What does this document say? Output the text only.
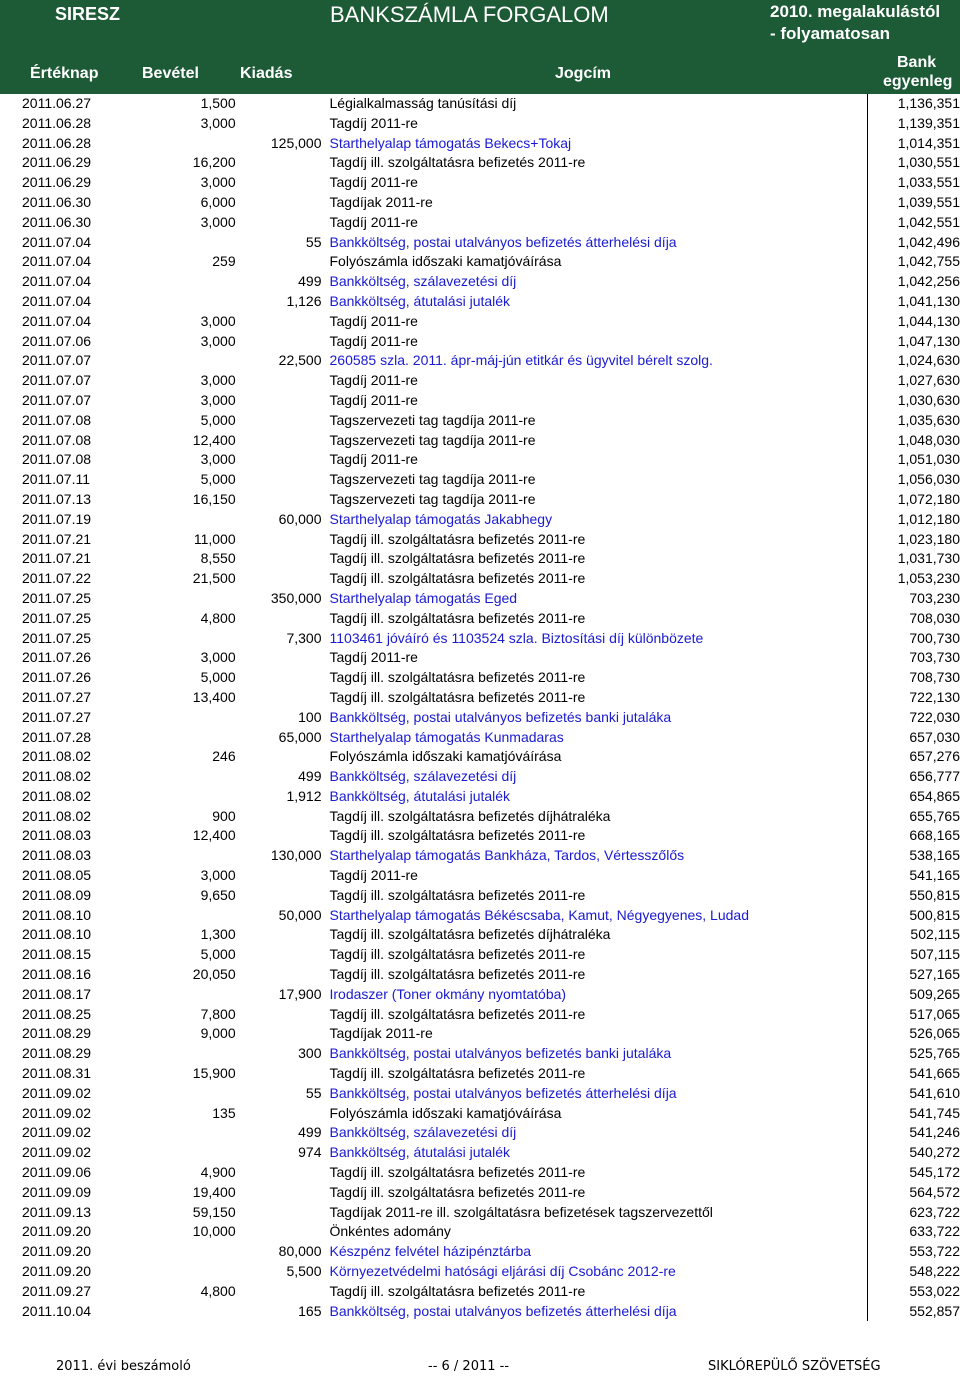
SIRESZ	BANKSZÁMLA FORGALOM	2010. megalakulástól
- folyamatosan
Értéknap	Bevétel	Kiadás	Jogcím
Bank
egyenleg
2011.06.27	1,500		Légialkalmasság tanúsítási díj	1,136,351
2011.06.28	3,000		Tagdíj 2011-re	1,139,351
2011.06.28		125,000	Starthelyalap támogatás Bekecs+Tokaj	1,014,351
2011.06.29	16,200		Tagdíj ill. szolgáltatásra befizetés 2011-re	1,030,551
2011.06.29	3,000		Tagdíj 2011-re	1,033,551
2011.06.30	6,000		Tagdíjak 2011-re	1,039,551
2011.06.30	3,000		Tagdíj 2011-re	1,042,551
2011.07.04		55	Bankköltség, postai utalványos befizetés átterhelési díja	1,042,496
2011.07.04	259		Folyószámla időszaki kamatjóváírása	1,042,755
2011.07.04		499	Bankköltség, szálavezetési díj	1,042,256
2011.07.04		1,126	Bankköltség, átutalási jutalék	1,041,130
2011.07.04	3,000		Tagdíj 2011-re	1,044,130
2011.07.06	3,000		Tagdíj 2011-re	1,047,130
2011.07.07		22,500	260585 szla. 2011. ápr-máj-jún etitkár és ügyvitel bérelt szolg.	1,024,630
2011.07.07	3,000		Tagdíj 2011-re	1,027,630
2011.07.07	3,000		Tagdíj 2011-re	1,030,630
2011.07.08	5,000		Tagszervezeti tag tagdíja 2011-re	1,035,630
2011.07.08	12,400		Tagszervezeti tag tagdíja 2011-re	1,048,030
2011.07.08	3,000		Tagdíj 2011-re	1,051,030
2011.07.11	5,000		Tagszervezeti tag tagdíja 2011-re	1,056,030
2011.07.13	16,150		Tagszervezeti tag tagdíja 2011-re	1,072,180
2011.07.19		60,000	Starthelyalap támogatás Jakabhegy	1,012,180
2011.07.21	11,000		Tagdíj ill. szolgáltatásra befizetés 2011-re	1,023,180
2011.07.21	8,550		Tagdíj ill. szolgáltatásra befizetés 2011-re	1,031,730
2011.07.22	21,500		Tagdíj ill. szolgáltatásra befizetés 2011-re	1,053,230
2011.07.25		350,000	Starthelyalap támogatás Eged	703,230
2011.07.25	4,800		Tagdíj ill. szolgáltatásra befizetés 2011-re	708,030
2011.07.25		7,300	1103461 jóváíró és 1103524 szla. Biztosítási díj különbözete	700,730
2011.07.26	3,000		Tagdíj 2011-re	703,730
2011.07.26	5,000		Tagdíj ill. szolgáltatásra befizetés 2011-re	708,730
2011.07.27	13,400		Tagdíj ill. szolgáltatásra befizetés 2011-re	722,130
2011.07.27		100	Bankköltség, postai utalványos befizetés banki jutaláka	722,030
2011.07.28		65,000	Starthelyalap támogatás Kunmadaras	657,030
2011.08.02	246		Folyószámla időszaki kamatjóváírása	657,276
2011.08.02		499	Bankköltség, szálavezetési díj	656,777
2011.08.02		1,912	Bankköltség, átutalási jutalék	654,865
2011.08.02	900		Tagdíj ill. szolgáltatásra befizetés díjhátraléka	655,765
2011.08.03	12,400		Tagdíj ill. szolgáltatásra befizetés 2011-re	668,165
2011.08.03		130,000	Starthelyalap támogatás Bankháza, Tardos, Vértesszőlős	538,165
2011.08.05	3,000		Tagdíj 2011-re	541,165
2011.08.09	9,650		Tagdíj ill. szolgáltatásra befizetés 2011-re	550,815
2011.08.10		50,000	Starthelyalap támogatás Békéscsaba, Kamut, Négyegyenes, Ludad	500,815
2011.08.10	1,300		Tagdíj ill. szolgáltatásra befizetés díjhátraléka	502,115
2011.08.15	5,000		Tagdíj ill. szolgáltatásra befizetés 2011-re	507,115
2011.08.16	20,050		Tagdíj ill. szolgáltatásra befizetés 2011-re	527,165
2011.08.17		17,900	Irodaszer (Toner okmány nyomtatóba)	509,265
2011.08.25	7,800		Tagdíj ill. szolgáltatásra befizetés 2011-re	517,065
2011.08.29	9,000		Tagdíjak 2011-re	526,065
2011.08.29		300	Bankköltség, postai utalványos befizetés banki jutaláka	525,765
2011.08.31	15,900		Tagdíj ill. szolgáltatásra befizetés 2011-re	541,665
2011.09.02		55	Bankköltség, postai utalványos befizetés átterhelési díja	541,610
2011.09.02	135		Folyószámla időszaki kamatjóváírása	541,745
2011.09.02		499	Bankköltség, szálavezetési díj	541,246
2011.09.02		974	Bankköltség, átutalási jutalék	540,272
2011.09.06	4,900		Tagdíj ill. szolgáltatásra befizetés 2011-re	545,172
2011.09.09	19,400		Tagdíj ill. szolgáltatásra befizetés 2011-re	564,572
2011.09.13	59,150		Tagdíjak 2011-re ill. szolgáltatásra befizetések tagszervezettől	623,722
2011.09.20	10,000		Önkéntes adomány	633,722
2011.09.20		80,000	Készpénz felvétel házipénztárba	553,722
2011.09.20		5,500	Környezetvédelmi hatósági eljárási díj Csobánc 2012-re	548,222
2011.09.27	4,800		Tagdíj ill. szolgáltatásra befizetés 2011-re	553,022
2011.10.04		165	Bankköltség, postai utalványos befizetés átterhelési díja	552,857
2011. évi beszámoló	-- 6 / 2011 --	SIKLÓREPÜLŐ SZÖVETSÉG
